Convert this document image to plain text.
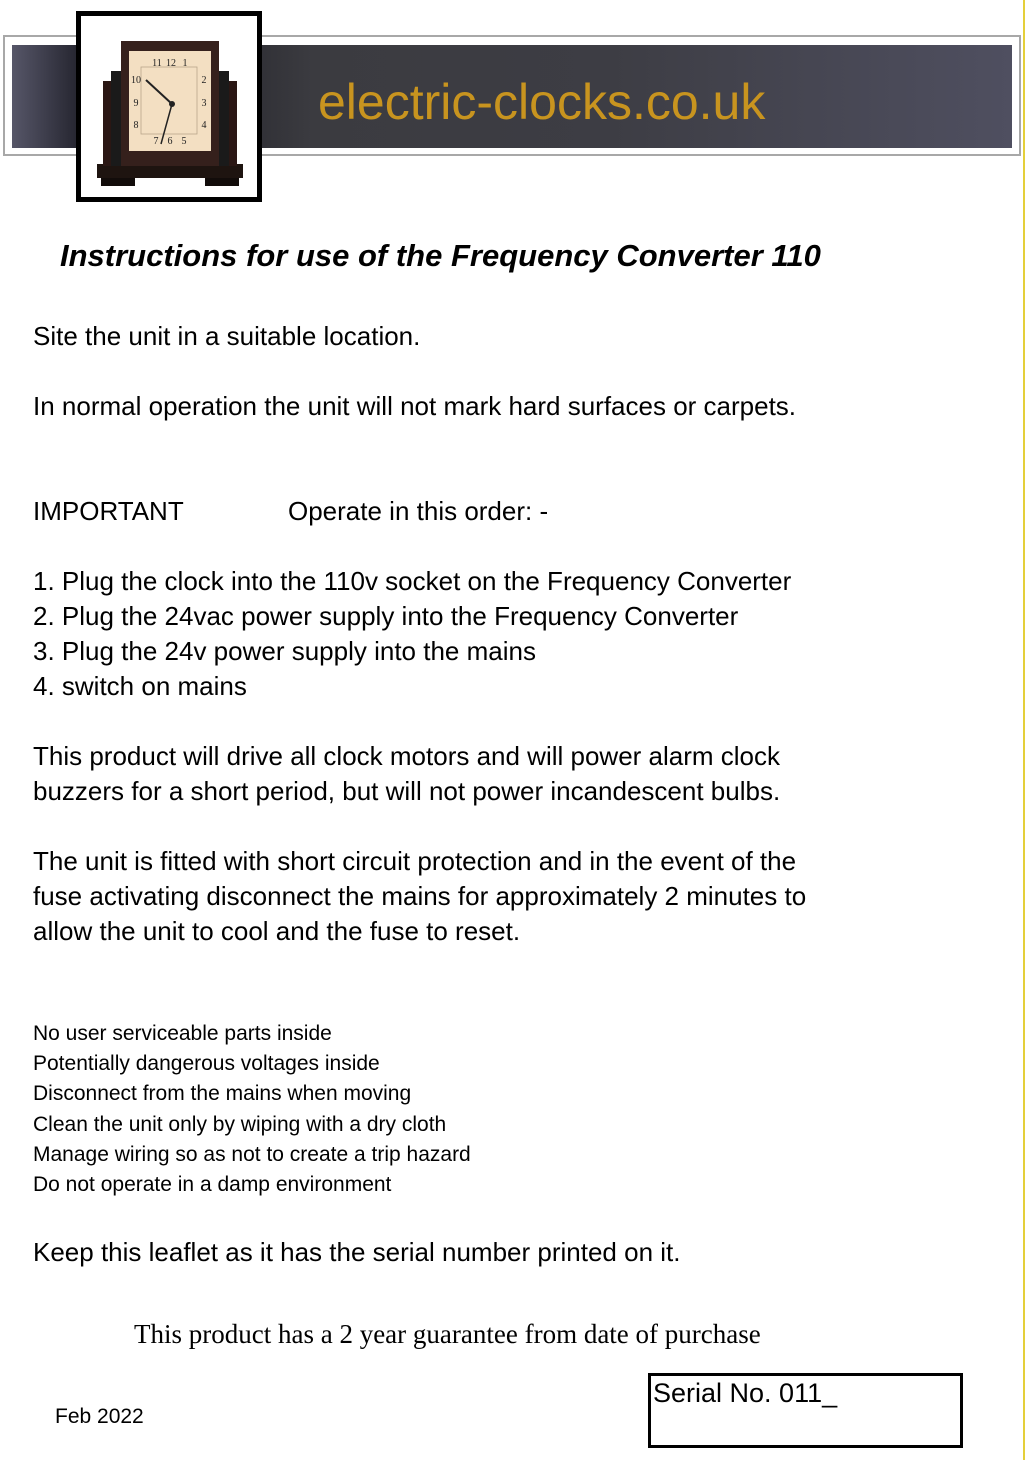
electric-clocks.co.uk
11 12 1
2
3
4
10
9
8
7 6 5
Instructions for use of the Frequency Converter 110
Site the unit in a suitable location.
In normal operation the unit will not mark hard surfaces or carpets.
IMPORTANT	Operate in this order: -
1. Plug the clock into the 110v socket on the Frequency Converter
2. Plug the 24vac power supply into the Frequency Converter
3. Plug the 24v power supply into the mains
4. switch on mains
This product will drive all clock motors and will power alarm clock
buzzers for a short period, but will not power incandescent bulbs.
The unit is fitted with short circuit protection and in the event of the
fuse activating disconnect the mains for approximately 2 minutes to
allow the unit to cool and the fuse to reset.
No user serviceable parts inside
Potentially dangerous voltages inside
Disconnect from the mains when moving
Clean the unit only by wiping with a dry cloth
Manage wiring so as not to create a trip hazard
Do not operate in a damp environment
Keep this leaflet as it has the serial number printed on it.
This product has a 2 year guarantee from date of purchase
Feb 2022
Serial No. 011_
